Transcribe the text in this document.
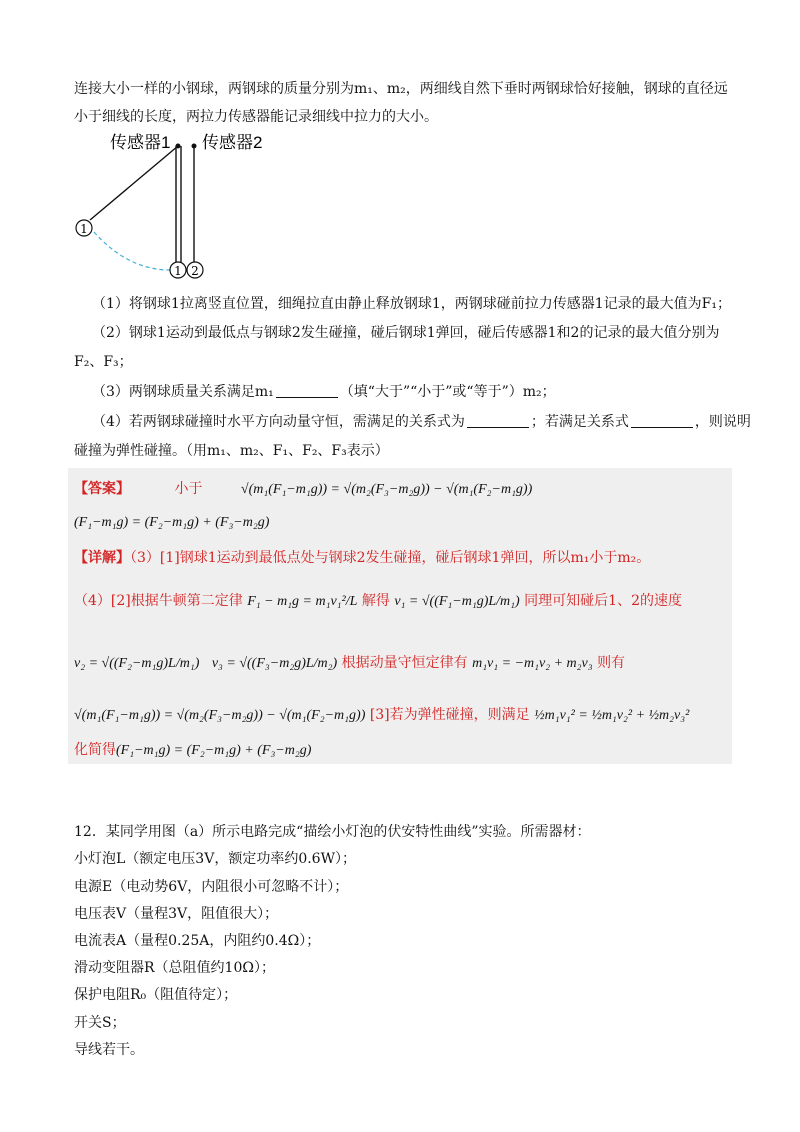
连接大小一样的小钢球，两钢球的质量分别为m₁、m₂，两细线自然下垂时两钢球恰好接触，钢球的直径远
小于细线的长度，两拉力传感器能记录细线中拉力的大小。
传感器1 传感器2
1
1 2
（1）将钢球1拉离竖直位置，细绳拉直由静止释放钢球1，两钢球碰前拉力传感器1记录的最大值为F₁；
（2）钢球1运动到最低点与钢球2发生碰撞，碰后钢球1弹回，碰后传感器1和2的记录的最大值分别为
F₂、F₃；
（3）两钢球质量关系满足m₁	（填“大于”“小于”或“等于”）m₂；
（4）若两钢球碰撞时水平方向动量守恒，需满足的关系式为	；若满足关系式	，则说明
碰撞为弹性碰撞。（用m₁、m₂、F₁、F₂、F₃表示）
【答案】	小于	√(m₁(F₁−m₁g)) = √(m₂(F₃−m₂g)) − √(m₁(F₂−m₁g))
(F₁−m₁g) = (F₂−m₁g) + (F₃−m₂g)
【详解】（3）[1]钢球1运动到最低点处与钢球2发生碰撞，碰后钢球1弹回，所以m₁小于m₂。
（4）[2]根据牛顿第二定律 F₁ − m₁g = m₁v₁²/L 解得 v₁ = √((F₁−m₁g)L/m₁) 同理可知碰后1、2的速度
v₂ = √((F₂−m₁g)L/m₁) v₃ = √((F₃−m₂g)L/m₂) 根据动量守恒定律有 m₁v₁ = −m₁v₂ + m₂v₃ 则有
√(m₁(F₁−m₁g)) = √(m₂(F₃−m₂g)) − √(m₁(F₂−m₁g)) [3]若为弹性碰撞，则满足 ½m₁v₁² = ½m₁v₂² + ½m₂v₃²
化简得(F₁−m₁g) = (F₂−m₁g) + (F₃−m₂g)
12．某同学用图（a）所示电路完成“描绘小灯泡的伏安特性曲线”实验。所需器材：
小灯泡L（额定电压3V，额定功率约0.6W）；
电源E（电动势6V，内阻很小可忽略不计）；
电压表V（量程3V，阻值很大）；
电流表A（量程0.25A，内阻约0.4Ω）；
滑动变阻器R（总阻值约10Ω）；
保护电阻R₀（阻值待定）；
开关S；
导线若干。
